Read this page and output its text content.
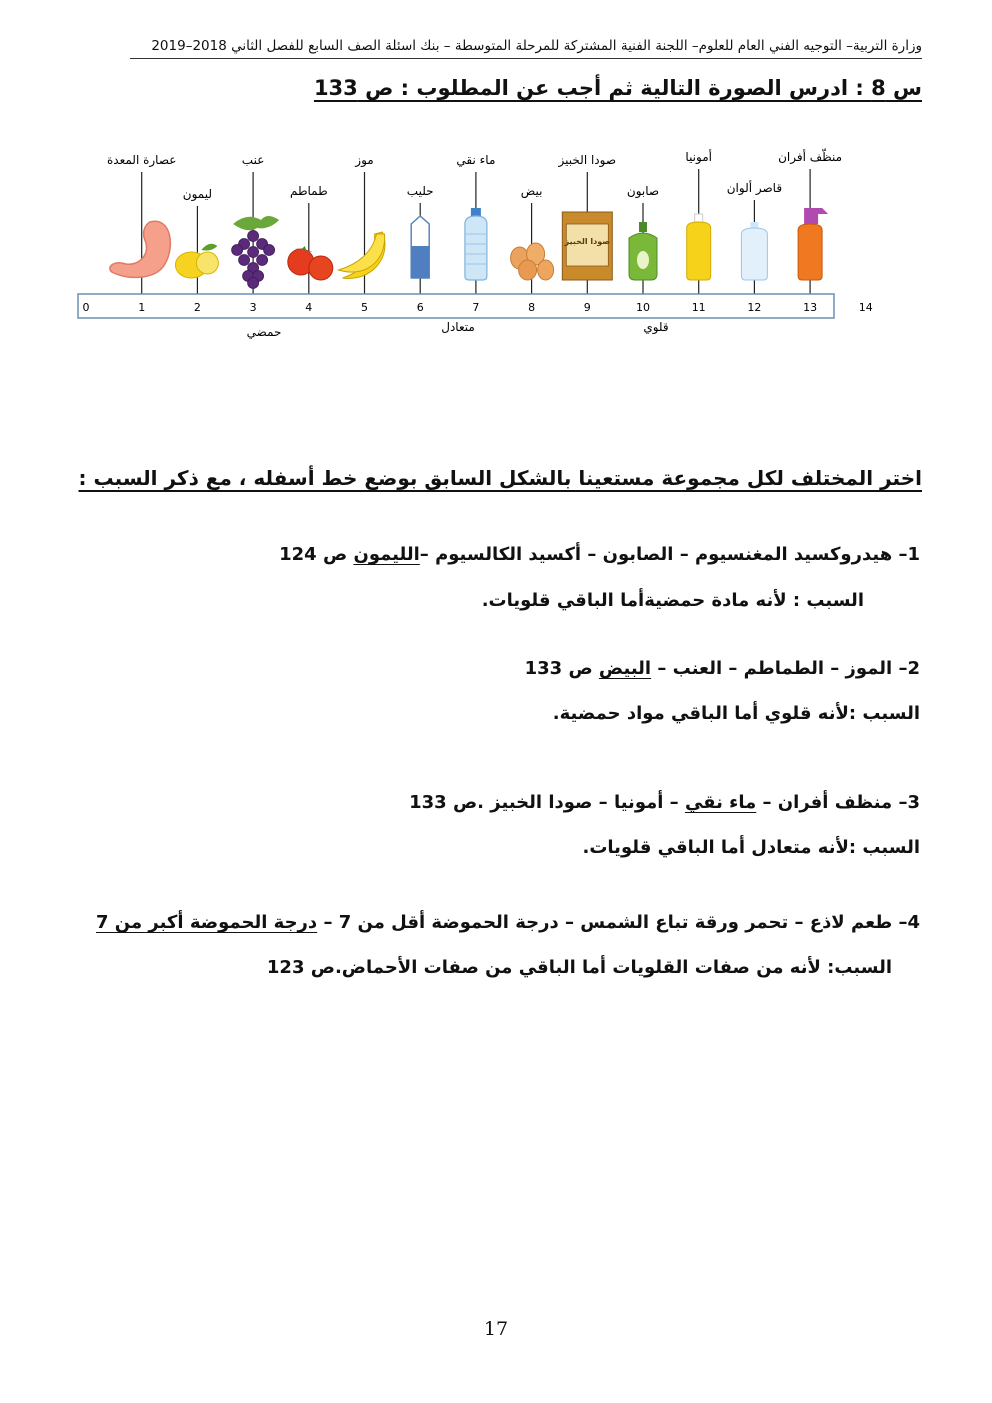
وزارة التربية– التوجيه الفني العام للعلوم– اللجنة الفنية المشتركة للمرحلة المتوسطة – بنك اسئلة الصف السابع للفصل الثاني 2018–2019
س 8 : ادرس الصورة التالية ثم أجب عن المطلوب : ص 133
صودا الخبيز
عصارة المعدة
ليمون
عنب
طماطم
موز
حليب
ماء نقي
بيض
صودا الخبيز
صابون
أمونيا
قاصر ألوان
منظّف أفران
0	1	2	3	4	5	6	7	8	9	10	11	12	13	14
حمضي	متعادل	قلوي
اختر المختلف لكل مجموعة مستعينا بالشكل السابق بوضع خط أسفله ، مع ذكر السبب :
1– هيدروكسيد المغنسيوم – الصابون – أكسيد الكالسيوم –الليمون ص 124
السبب : لأنه مادة حمضيةأما الباقي قلويات.
2– الموز – الطماطم – العنب – البيض ص 133
السبب :لأنه قلوي أما الباقي مواد حمضية.
3– منظف أفران – ماء نقي – أمونيا – صودا الخبيز .ص 133
السبب :لأنه متعادل أما الباقي قلويات.
4– طعم لاذع – تحمر ورقة تباع الشمس – درجة الحموضة أقل من 7 – درجة الحموضة أكبر من 7
السبب: لأنه من صفات القلويات أما الباقي من صفات الأحماض.ص 123
17
